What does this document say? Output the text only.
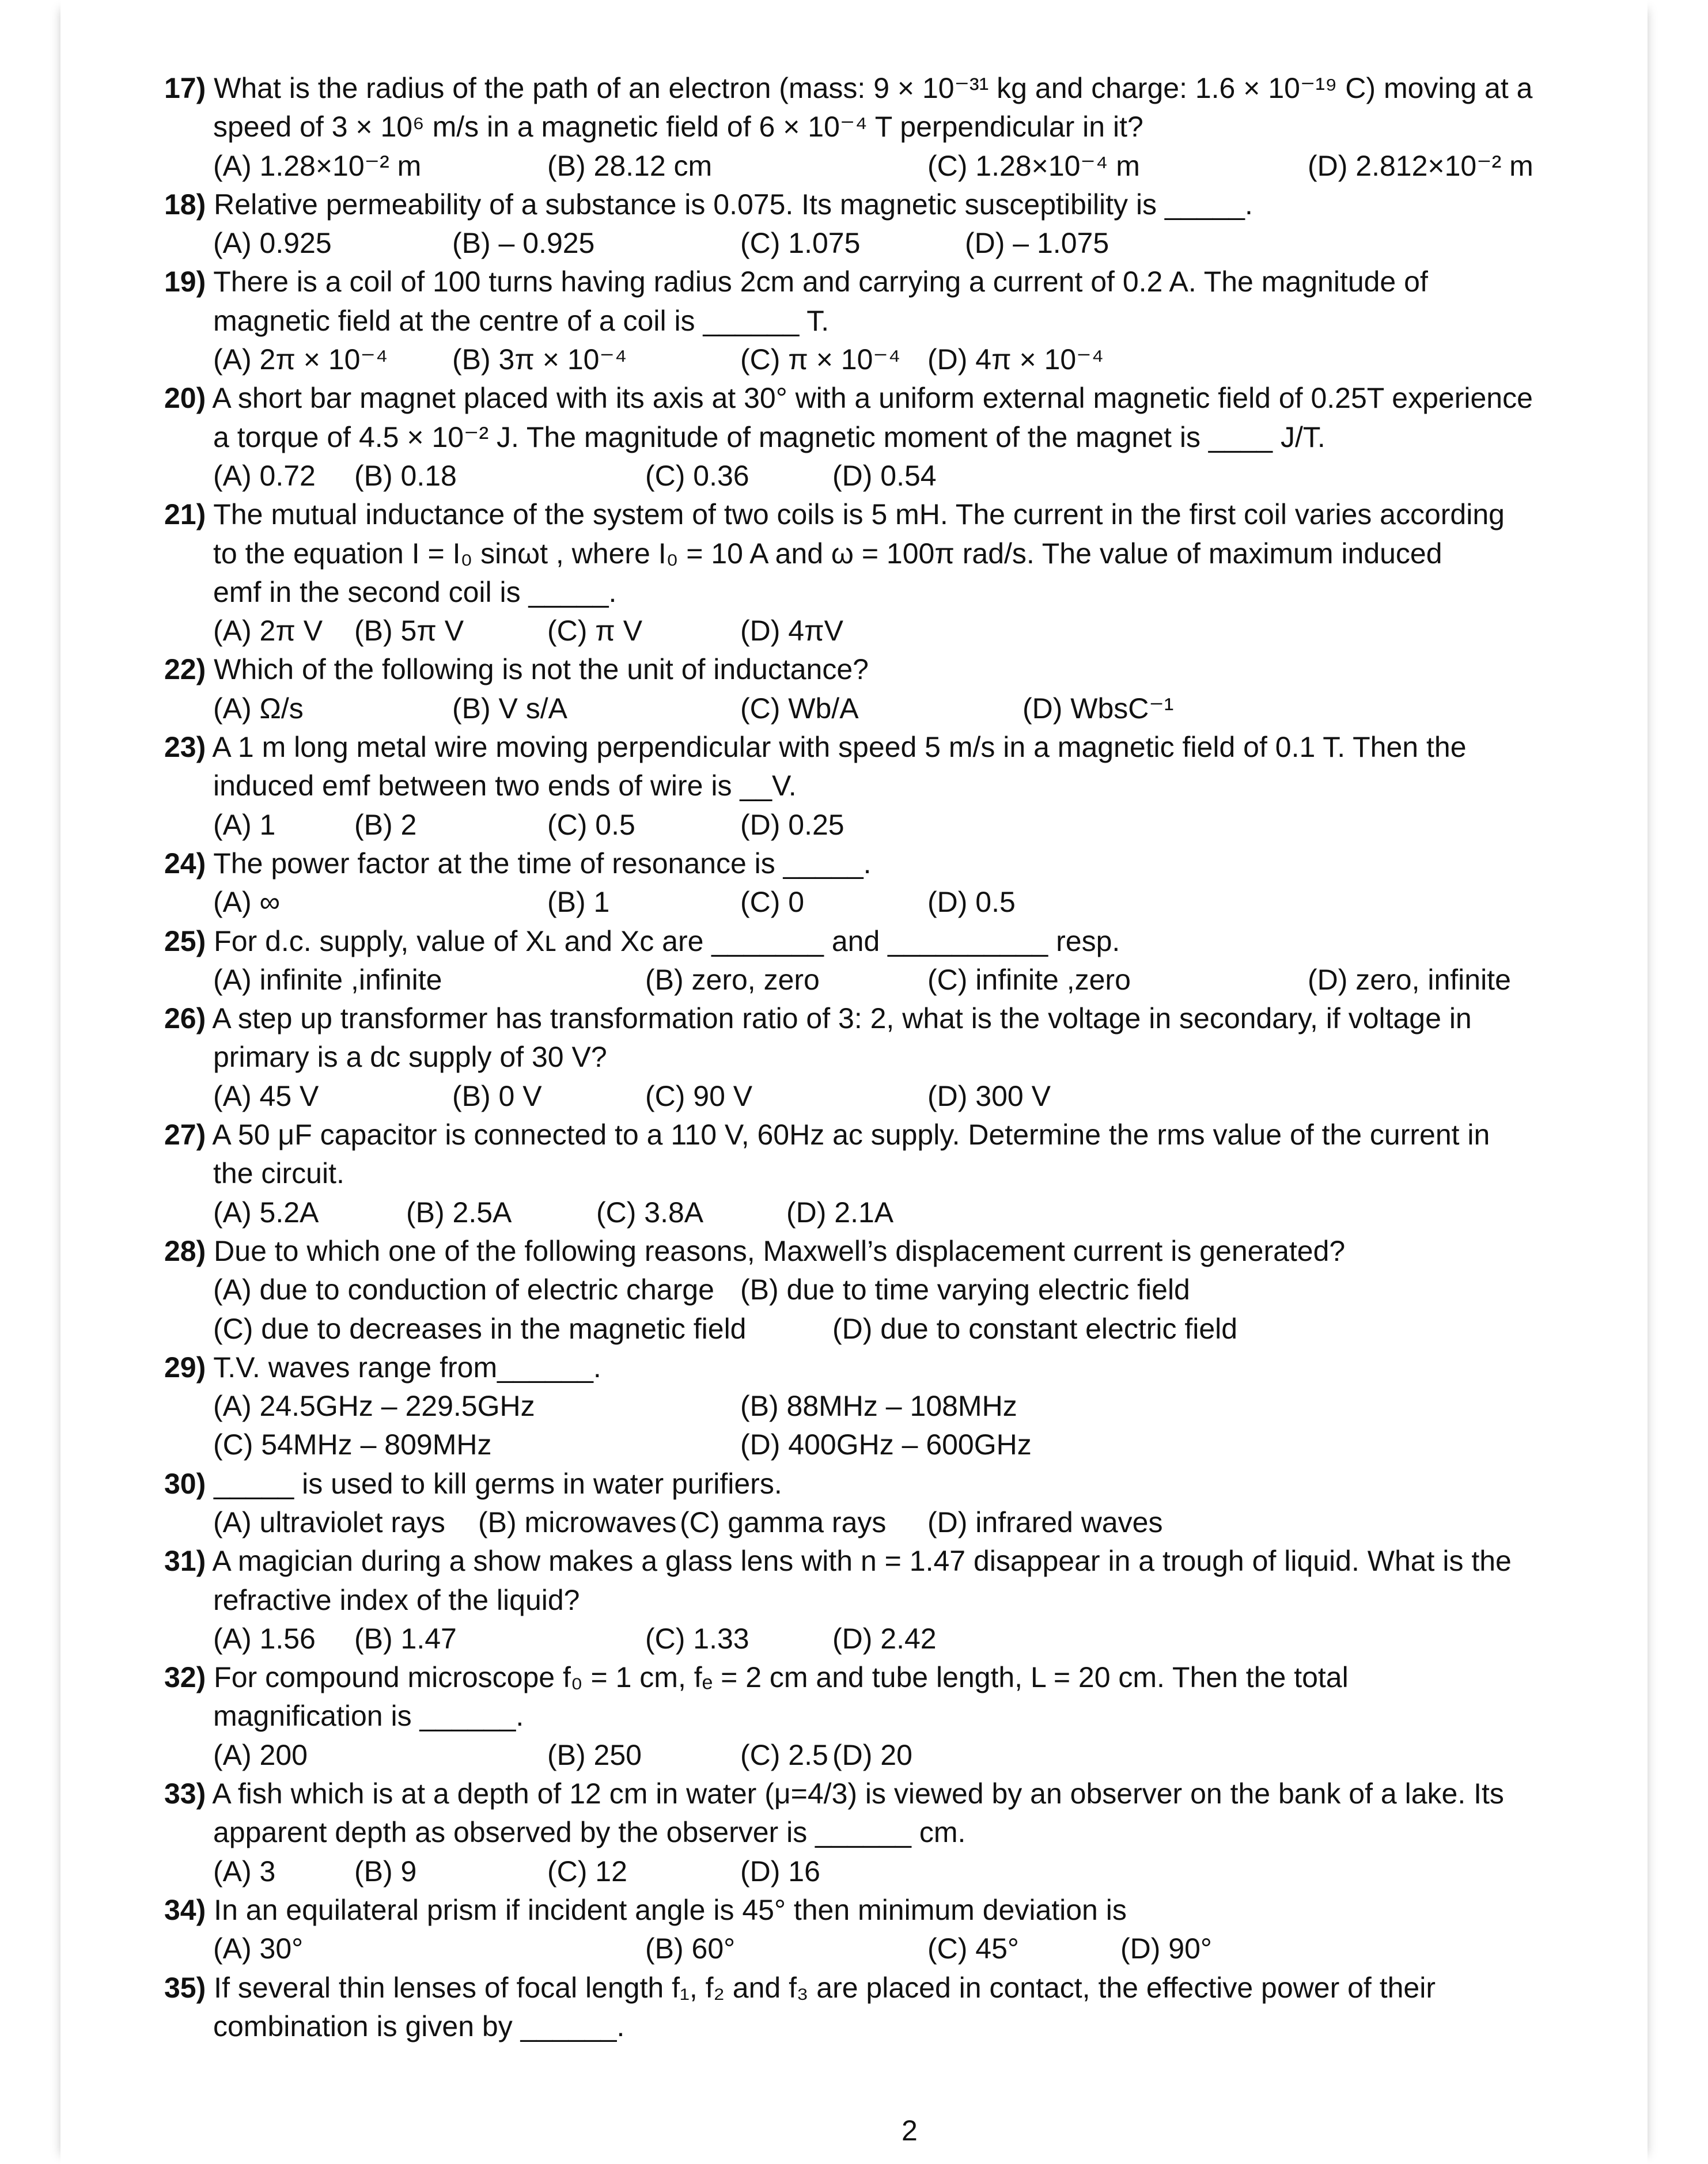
17) What is the radius of the path of an electron (mass: 9 × 10⁻³¹ kg and charge: 1.6 × 10⁻¹⁹ C) moving at a
speed of 3 × 10⁶ m/s in a magnetic field of 6 × 10⁻⁴ T perpendicular in it?
(A) 1.28×10⁻² m	(B) 28.12 cm	(C) 1.28×10⁻⁴ m	(D) 2.812×10⁻² m
18) Relative permeability of a substance is 0.075. Its magnetic susceptibility is _____.
(A) 0.925	(B) – 0.925	(C) 1.075	(D) – 1.075
19) There is a coil of 100 turns having radius 2cm and carrying a current of 0.2 A. The magnitude of
magnetic field at the centre of a coil is ______ T.
(A) 2π × 10⁻⁴ (B) 3π × 10⁻⁴	(C) π × 10⁻⁴ (D) 4π × 10⁻⁴
20) A short bar magnet placed with its axis at 30° with a uniform external magnetic field of 0.25T experience
a torque of 4.5 × 10⁻² J. The magnitude of magnetic moment of the magnet is ____ J/T.
(A) 0.72 (B) 0.18	(C) 0.36	(D) 0.54
21) The mutual inductance of the system of two coils is 5 mH. The current in the first coil varies according
to the equation I = I₀ sinωt , where I₀ = 10 A and ω = 100π rad/s. The value of maximum induced
emf in the second coil is _____.
(A) 2π V (B) 5π V	(C) π V	(D) 4πV
22) Which of the following is not the unit of inductance?
(A) Ω/s	(B) V s/A	(C) Wb/A	(D) WbsC⁻¹
23) A 1 m long metal wire moving perpendicular with speed 5 m/s in a magnetic field of 0.1 T. Then the
induced emf between two ends of wire is __V.
(A) 1	(B) 2	(C) 0.5	(D) 0.25
24) The power factor at the time of resonance is _____.
(A) ∞	(B) 1	(C) 0	(D) 0.5
25) For d.c. supply, value of Xʟ and Xᴄ are _______ and __________ resp.
(A) infinite ,infinite	(B) zero, zero	(C) infinite ,zero	(D) zero, infinite
26) A step up transformer has transformation ratio of 3: 2, what is the voltage in secondary, if voltage in
primary is a dc supply of 30 V?
(A) 45 V	(B) 0 V	(C) 90 V	(D) 300 V
27) A 50 μF capacitor is connected to a 110 V, 60Hz ac supply. Determine the rms value of the current in
the circuit.
(A) 5.2A	(B) 2.5A	(C) 3.8A	(D) 2.1A
28) Due to which one of the following reasons, Maxwell’s displacement current is generated?
(A) due to conduction of electric charge (B) due to time varying electric field
(C) due to decreases in the magnetic field	(D) due to constant electric field
29) T.V. waves range from______.
(A) 24.5GHz – 229.5GHz	(B) 88MHz – 108MHz
(C) 54MHz – 809MHz	(D) 400GHz – 600GHz
30) _____ is used to kill germs in water purifiers.
(A) ultraviolet rays (B) microwaves (C) gamma rays (D) infrared waves
31) A magician during a show makes a glass lens with n = 1.47 disappear in a trough of liquid. What is the
refractive index of the liquid?
(A) 1.56 (B) 1.47	(C) 1.33	(D) 2.42
32) For compound microscope f₀ = 1 cm, fₑ = 2 cm and tube length, L = 20 cm. Then the total
magnification is ______.
(A) 200	(B) 250	(C) 2.5 (D) 20
33) A fish which is at a depth of 12 cm in water (μ=4/3) is viewed by an observer on the bank of a lake. Its
apparent depth as observed by the observer is ______ cm.
(A) 3	(B) 9	(C) 12	(D) 16
34) In an equilateral prism if incident angle is 45° then minimum deviation is
(A) 30°	(B) 60°	(C) 45°	(D) 90°
35) If several thin lenses of focal length f₁, f₂ and f₃ are placed in contact, the effective power of their
combination is given by ______.
2
